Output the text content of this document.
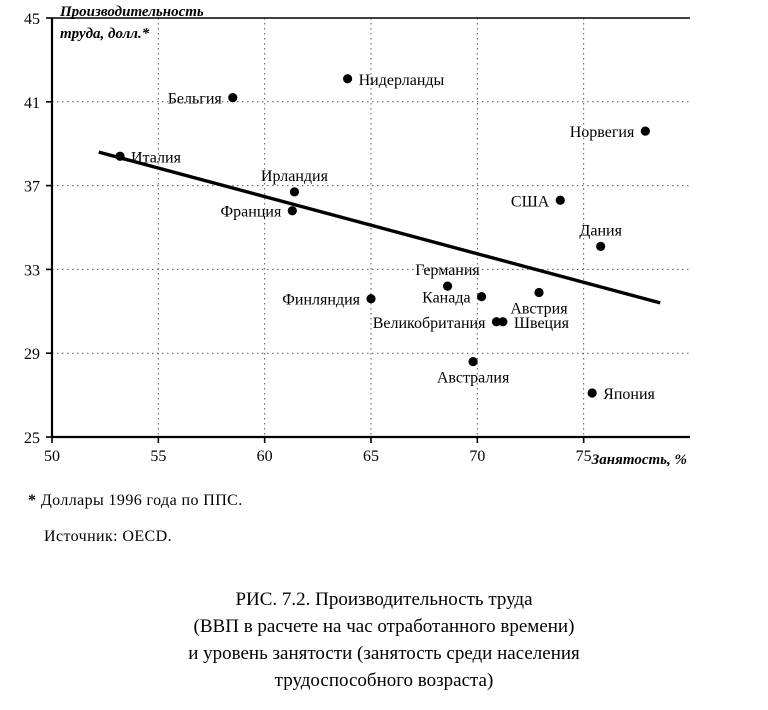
50	55	60	65	70	75
25
29
33
37
41
45 Производительность
труда, долл.*
Занятость, %
Италия
Бельгия
Нидерланды
Норвегия
Ирландия
Франция
США
Дания
Германия
Финляндия	Канада
Австрия
Великобритания Швеция
Австралия
Япония
* Доллары 1996 года по ППС.
Источник: OECD.
РИС. 7.2. Производительность труда
(ВВП в расчете на час отработанного времени)
и уровень занятости (занятость среди населения
трудоспособного возраста)
